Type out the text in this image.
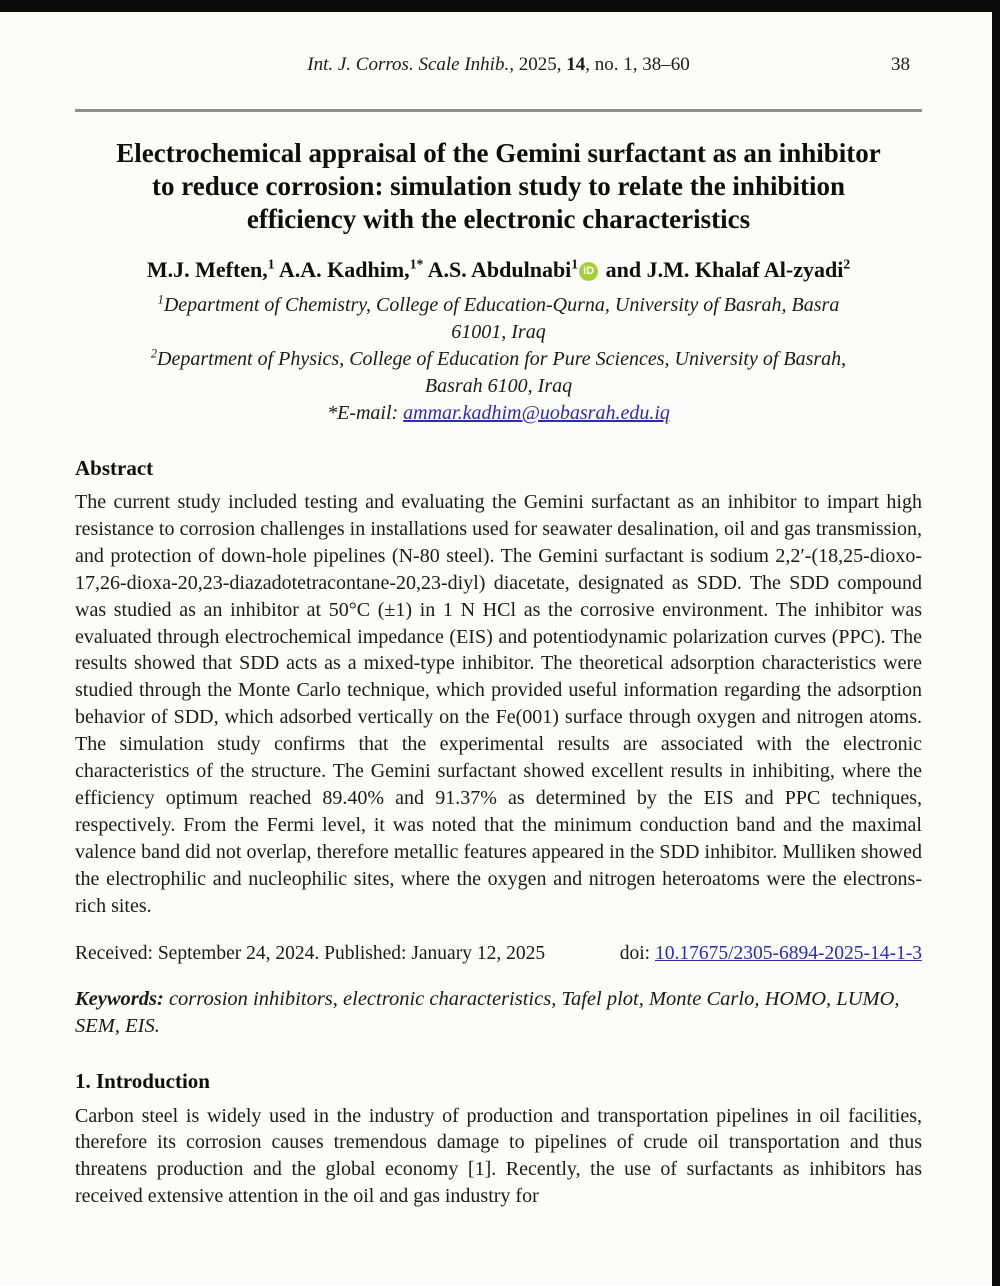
Int. J. Corros. Scale Inhib., 2025, 14, no. 1, 38–60	38
Electrochemical appraisal of the Gemini surfactant as an inhibitor
to reduce corrosion: simulation study to relate the inhibition
efficiency with the electronic characteristics
M.J. Meften,$^1$ A.A. Kadhim,$^{1*}$ A.S. Abdulnabi$^1$ iD and J.M. Khalaf Al-zyadi$^2$
$^1$Department of Chemistry, College of Education-Qurna, University of Basrah, Basra
61001, Iraq
$^2$Department of Physics, College of Education for Pure Sciences, University of Basrah,
Basrah 6100, Iraq
*E-mail: ammar.kadhim@uobasrah.edu.iq
Abstract
The current study included testing and evaluating the Gemini surfactant as an inhibitor to impart high resistance to corrosion challenges in installations used for seawater desalination, oil and gas transmission, and protection of down-hole pipelines (N-80 steel). The Gemini surfactant is sodium 2,2′-(18,25-dioxo-17,26-dioxa-20,23-diazadotetracontane-20,23-diyl) diacetate, designated as SDD. The SDD compound was studied as an inhibitor at 50°C (±1) in 1 N HCl as the corrosive environment. The inhibitor was evaluated through electrochemical impedance (EIS) and potentiodynamic polarization curves (PPC). The results showed that SDD acts as a mixed-type inhibitor. The theoretical adsorption characteristics were studied through the Monte Carlo technique, which provided useful information regarding the adsorption behavior of SDD, which adsorbed vertically on the Fe(001) surface through oxygen and nitrogen atoms. The simulation study confirms that the experimental results are associated with the electronic characteristics of the structure. The Gemini surfactant showed excellent results in inhibiting, where the efficiency optimum reached 89.40% and 91.37% as determined by the EIS and PPC techniques, respectively. From the Fermi level, it was noted that the minimum conduction band and the maximal valence band did not overlap, therefore metallic features appeared in the SDD inhibitor. Mulliken showed the electrophilic and nucleophilic sites, where the oxygen and nitrogen heteroatoms were the electrons-rich sites.
Received: September 24, 2024. Published: January 12, 2025	doi: 10.17675/2305-6894-2025-14-1-3
Keywords: corrosion inhibitors, electronic characteristics, Tafel plot, Monte Carlo, HOMO, LUMO, SEM, EIS.
1. Introduction
Carbon steel is widely used in the industry of production and transportation pipelines in oil facilities, therefore its corrosion causes tremendous damage to pipelines of crude oil transportation and thus threatens production and the global economy [1]. Recently, the use of surfactants as inhibitors has received extensive attention in the oil and gas industry for
